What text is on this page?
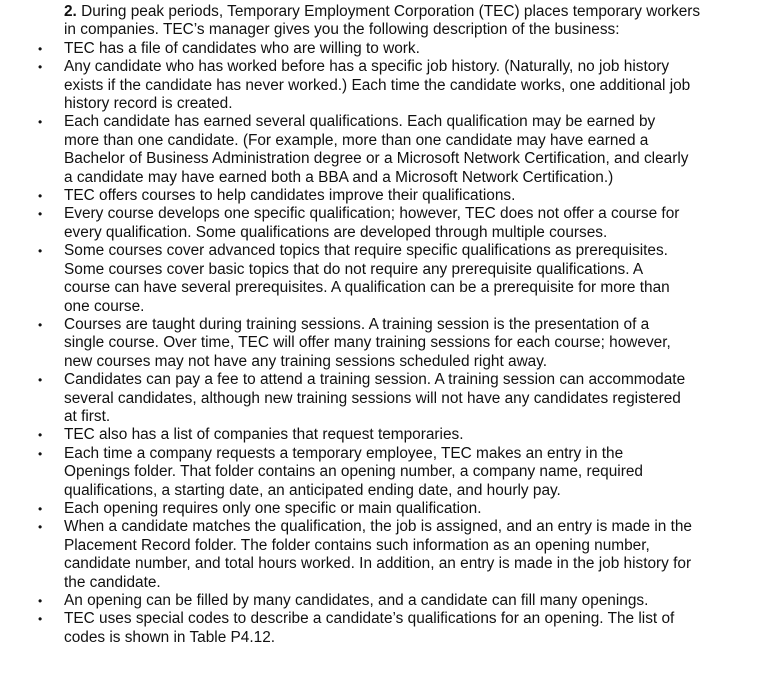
2. During peak periods, Temporary Employment Corporation (TEC) places temporary workers in companies. TEC’s manager gives you the following description of the business:

• TEC has a file of candidates who are willing to work.
• Any candidate who has worked before has a specific job history. (Naturally, no job history exists if the candidate has never worked.) Each time the candidate works, one additional job history record is created.
• Each candidate has earned several qualifications. Each qualification may be earned by more than one candidate. (For example, more than one candidate may have earned a Bachelor of Business Administration degree or a Microsoft Network Certification, and clearly a candidate may have earned both a BBA and a Microsoft Network Certification.)
• TEC offers courses to help candidates improve their qualifications.
• Every course develops one specific qualification; however, TEC does not offer a course for every qualification. Some qualifications are developed through multiple courses.
• Some courses cover advanced topics that require specific qualifications as prerequisites. Some courses cover basic topics that do not require any prerequisite qualifications. A course can have several prerequisites. A qualification can be a prerequisite for more than one course.
• Courses are taught during training sessions. A training session is the presentation of a single course. Over time, TEC will offer many training sessions for each course; however, new courses may not have any training sessions scheduled right away.
• Candidates can pay a fee to attend a training session. A training session can accommodate several candidates, although new training sessions will not have any candidates registered at first.
• TEC also has a list of companies that request temporaries.
• Each time a company requests a temporary employee, TEC makes an entry in the Openings folder. That folder contains an opening number, a company name, required qualifications, a starting date, an anticipated ending date, and hourly pay.
• Each opening requires only one specific or main qualification.
• When a candidate matches the qualification, the job is assigned, and an entry is made in the Placement Record folder. The folder contains such information as an opening number, candidate number, and total hours worked. In addition, an entry is made in the job history for the candidate.
• An opening can be filled by many candidates, and a candidate can fill many openings.
• TEC uses special codes to describe a candidate’s qualifications for an opening. The list of codes is shown in Table P4.12.
